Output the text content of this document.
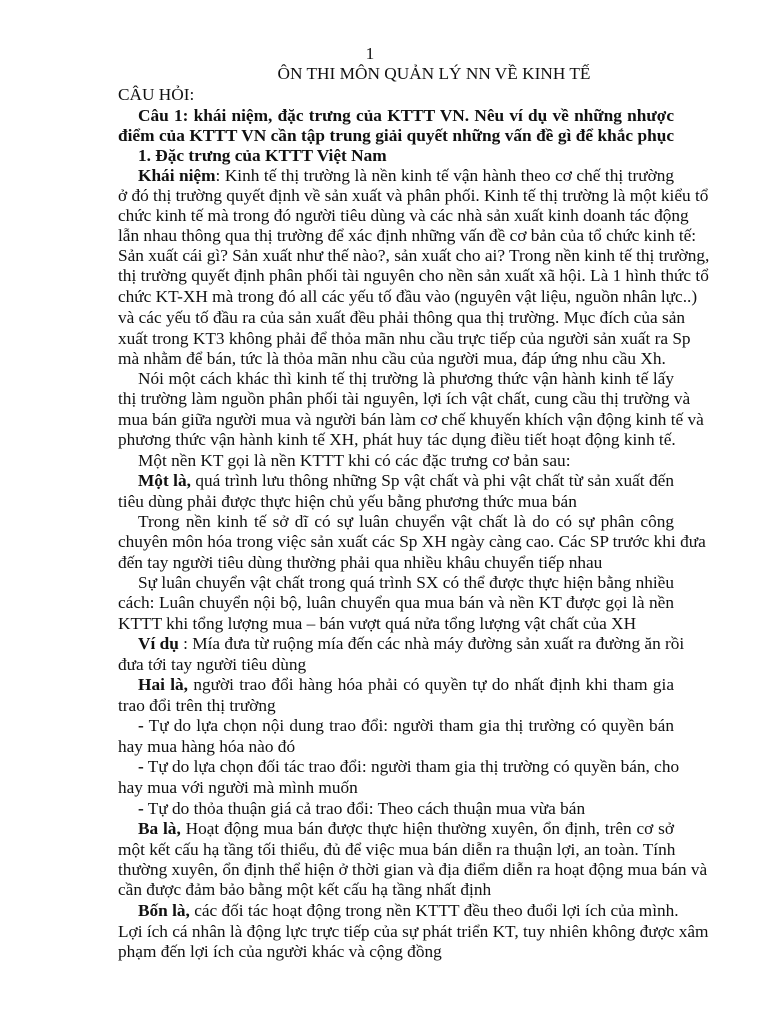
1
ÔN THI MÔN QUẢN LÝ NN VỀ KINH TẾ
CÂU HỎI:
Câu 1: khái niệm, đặc trưng của KTTT VN. Nêu ví dụ về những nhược
điểm của KTTT VN cần tập trung giải quyết những vấn đề gì để khắc phục
1. Đặc trưng của KTTT Việt Nam
Khái niệm: Kinh tế thị trường là nền kinh tế vận hành theo cơ chế thị trường
ở đó thị trường quyết định về sản xuất và phân phối. Kinh tế thị trường là một kiểu tổ
chức kinh tế mà trong đó người tiêu dùng và các nhà sản xuất kinh doanh tác động
lẫn nhau thông qua thị trường để xác định những vấn đề cơ bản của tổ chức kinh tế:
Sản xuất cái gì? Sản xuất như thế nào?, sản xuất cho ai? Trong nền kinh tế thị trường,
thị trường quyết định phân phối tài nguyên cho nền sản xuất xã hội. Là 1 hình thức tổ
chức KT-XH mà trong đó all các yếu tố đầu vào (nguyên vật liệu, nguồn nhân lực..)
và các yếu tố đầu ra của sản xuất đều phải thông qua thị trường. Mục đích của sản
xuất trong KT3 không phải để thỏa mãn nhu cầu trực tiếp của người sản xuất ra Sp
mà nhằm để bán, tức là thỏa mãn nhu cầu của người mua, đáp ứng nhu cầu Xh.
Nói một cách khác thì kinh tế thị trường là phương thức vận hành kinh tế lấy
thị trường làm nguồn phân phối tài nguyên, lợi ích vật chất, cung cầu thị trường và
mua bán giữa người mua và người bán làm cơ chế khuyến khích vận động kinh tế và
phương thức vận hành kinh tế XH, phát huy tác dụng điều tiết hoạt động kinh tế.
Một nền KT gọi là nền KTTT khi có các đặc trưng cơ bản sau:
Một là, quá trình lưu thông những Sp vật chất và phi vật chất từ sản xuất đến
tiêu dùng phải được thực hiện chủ yếu bằng phương thức mua bán
Trong nền kinh tế sở dĩ có sự luân chuyển vật chất là do có sự phân công
chuyên môn hóa trong việc sản xuất các Sp XH ngày càng cao. Các SP trước khi đưa
đến tay người tiêu dùng thường phải qua nhiều khâu chuyển tiếp nhau
Sự luân chuyển vật chất trong quá trình SX có thể được thực hiện bằng nhiều
cách: Luân chuyển nội bộ, luân chuyển qua mua bán và nền KT được gọi là nền
KTTT khi tổng lượng mua – bán vượt quá nửa tổng lượng vật chất của XH
Ví dụ : Mía đưa từ ruộng mía đến các nhà máy đường sản xuất ra đường ăn rồi
đưa tới tay người tiêu dùng
Hai là, người trao đổi hàng hóa phải có quyền tự do nhất định khi tham gia
trao đổi trên thị trường
- Tự do lựa chọn nội dung trao đổi: người tham gia thị trường có quyền bán
hay mua hàng hóa nào đó
- Tự do lựa chọn đối tác trao đổi: người tham gia thị trường có quyền bán, cho
hay mua với người mà mình muốn
- Tự do thỏa thuận giá cả trao đổi: Theo cách thuận mua vừa bán
Ba là, Hoạt động mua bán được thực hiện thường xuyên, ổn định, trên cơ sở
một kết cấu hạ tầng tối thiểu, đủ để việc mua bán diễn ra thuận lợi, an toàn. Tính
thường xuyên, ổn định thể hiện ở thời gian và địa điểm diễn ra hoạt động mua bán và
cần được đảm bảo bằng một kết cấu hạ tầng nhất định
Bốn là, các đối tác hoạt động trong nền KTTT đều theo đuổi lợi ích của mình.
Lợi ích cá nhân là động lực trực tiếp của sự phát triển KT, tuy nhiên không được xâm
phạm đến lợi ích của người khác và cộng đồng
